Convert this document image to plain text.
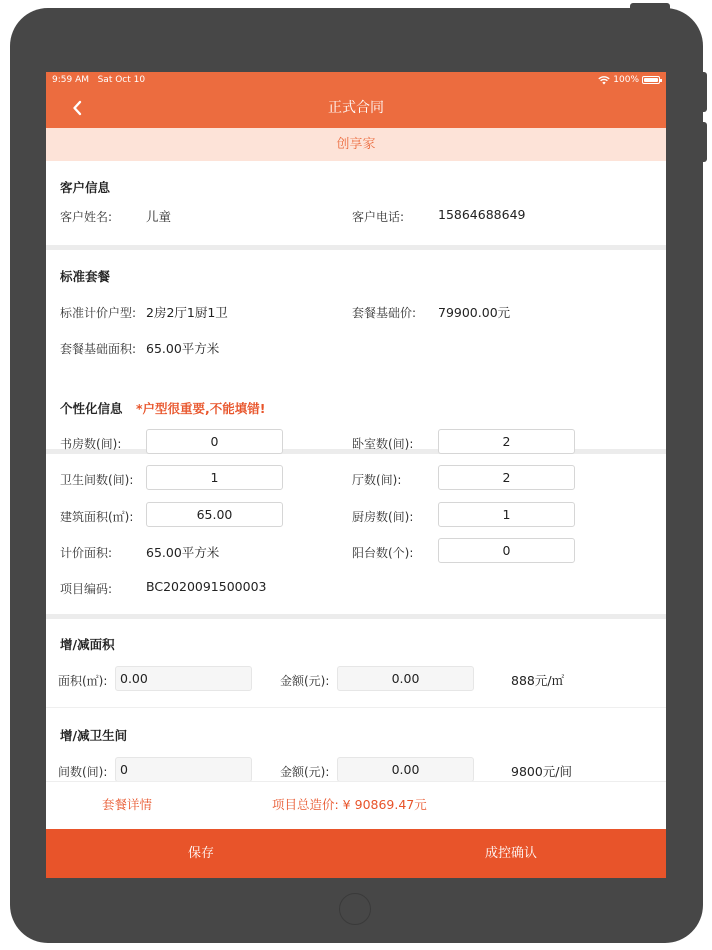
9:59 AM Sat Oct 10	100%
正式合同
创享家
客户信息
客户姓名:	儿童	客户电话:	15864688649
标准套餐
标准计价户型: 2房2厅1厨1卫	套餐基础价: 79900.00元
套餐基础面积: 65.00平方米
个性化信息 *户型很重要,不能填错!
书房数(间):	0	卧室数(间):	2
卫生间数(间):	1	厅数(间):	2
建筑面积(㎡):	65.00	厨房数(间):	1
计价面积:	65.00平方米	阳台数(个):	0
项目编码:	BC2020091500003
增/减面积
面积(㎡):	0.00	金额(元):	0.00	888元/㎡
增/减卫生间
间数(间):	0	金额(元):	0.00	9800元/间
套餐详情	项目总造价: ¥ 90869.47元
保存	成控确认
